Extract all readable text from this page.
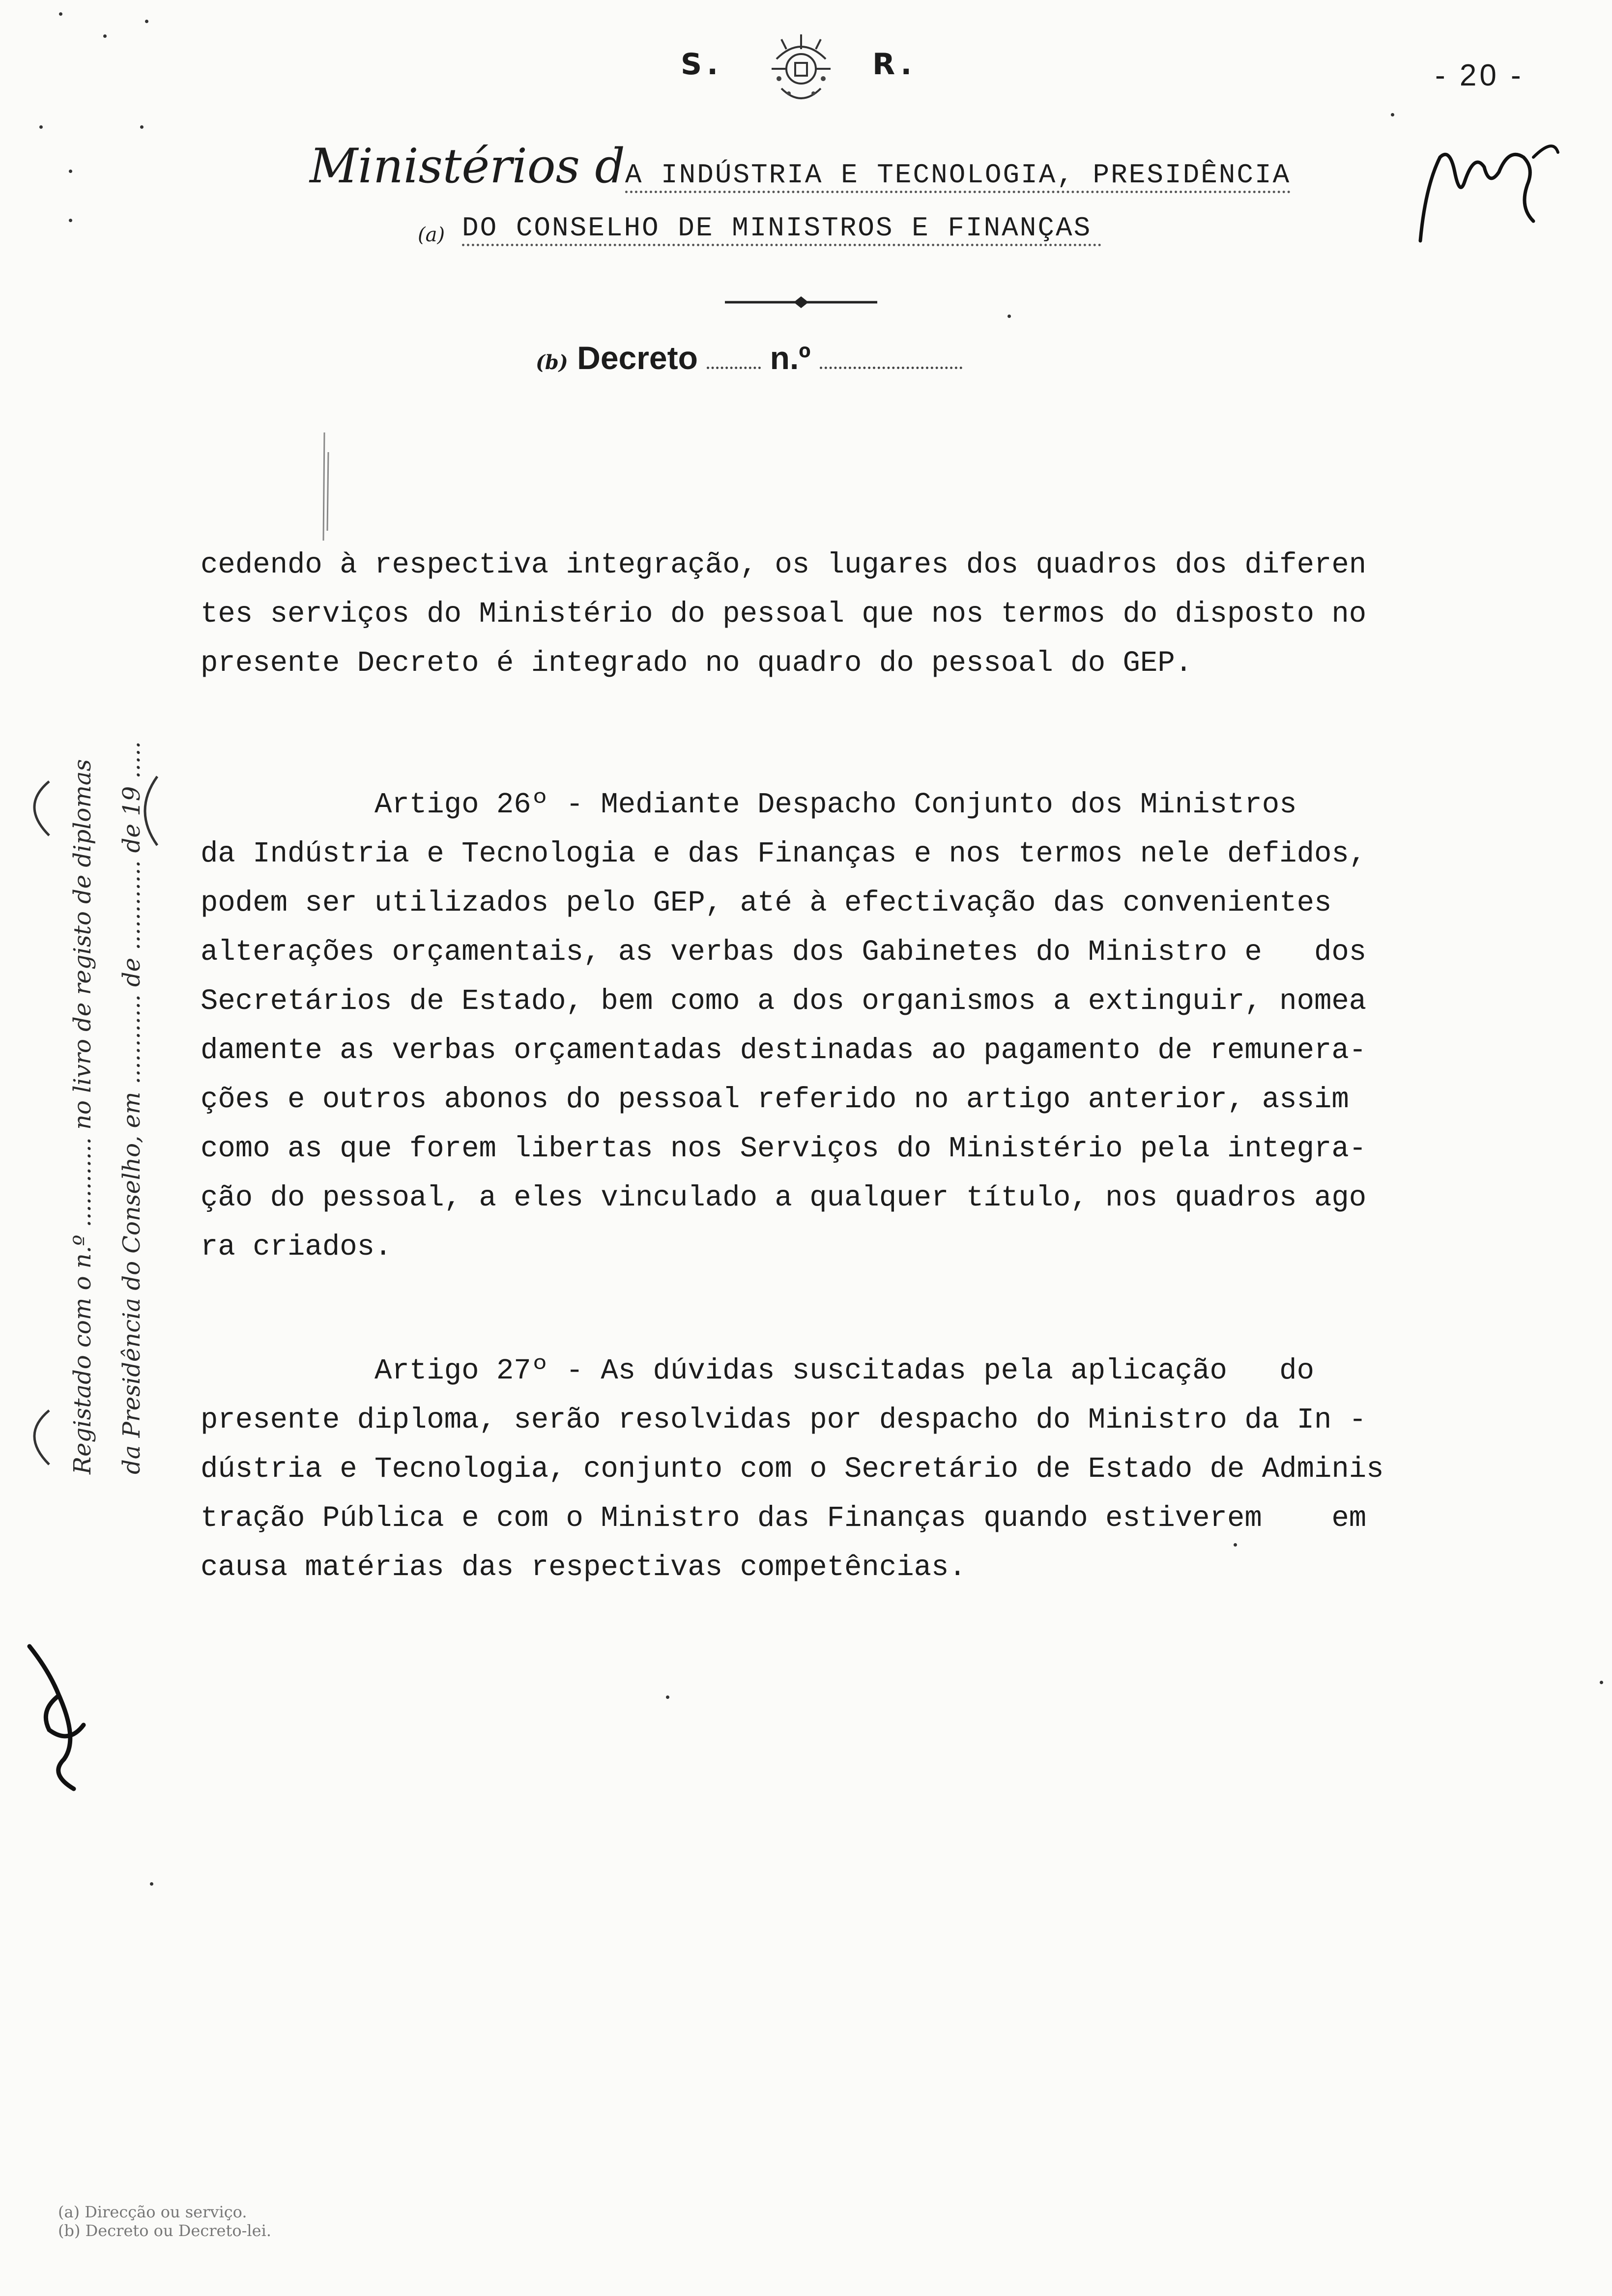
S.	R.	- 20 -
Ministérios dA INDÚSTRIA E TECNOLOGIA, PRESIDÊNCIA
(a) DO CONSELHO DE MINISTROS E FINANÇAS
(b) Decreto n.º
cedendo à respectiva integração, os lugares dos quadros dos diferen
tes serviços do Ministério do pessoal que nos termos do disposto no
presente Decreto é integrado no quadro do pessoal do GEP.
Artigo 26º - Mediante Despacho Conjunto dos Ministros
da Indústria e Tecnologia e das Finanças e nos termos nele defidos,
podem ser utilizados pelo GEP, até à efectivação das convenientes
alterações orçamentais, as verbas dos Gabinetes do Ministro e   dos
Secretários de Estado, bem como a dos organismos a extinguir, nomea
damente as verbas orçamentadas destinadas ao pagamento de remunera-
ções e outros abonos do pessoal referido no artigo anterior, assim
como as que forem libertas nos Serviços do Ministério pela integra-
ção do pessoal, a eles vinculado a qualquer título, nos quadros ago
ra criados.
Artigo 27º - As dúvidas suscitadas pela aplicação   do
presente diploma, serão resolvidas por despacho do Ministro da In -
dústria e Tecnologia, conjunto com o Secretário de Estado de Adminis
tração Pública e com o Ministro das Finanças quando estiverem    em
causa matérias das respectivas competências.
Registado com o n.º ............ no livro de registo de diplomas da Presidência do Conselho, em ............ de ............ de 19 .....
(a) Direcção ou serviço.
(b) Decreto ou Decreto-lei.
